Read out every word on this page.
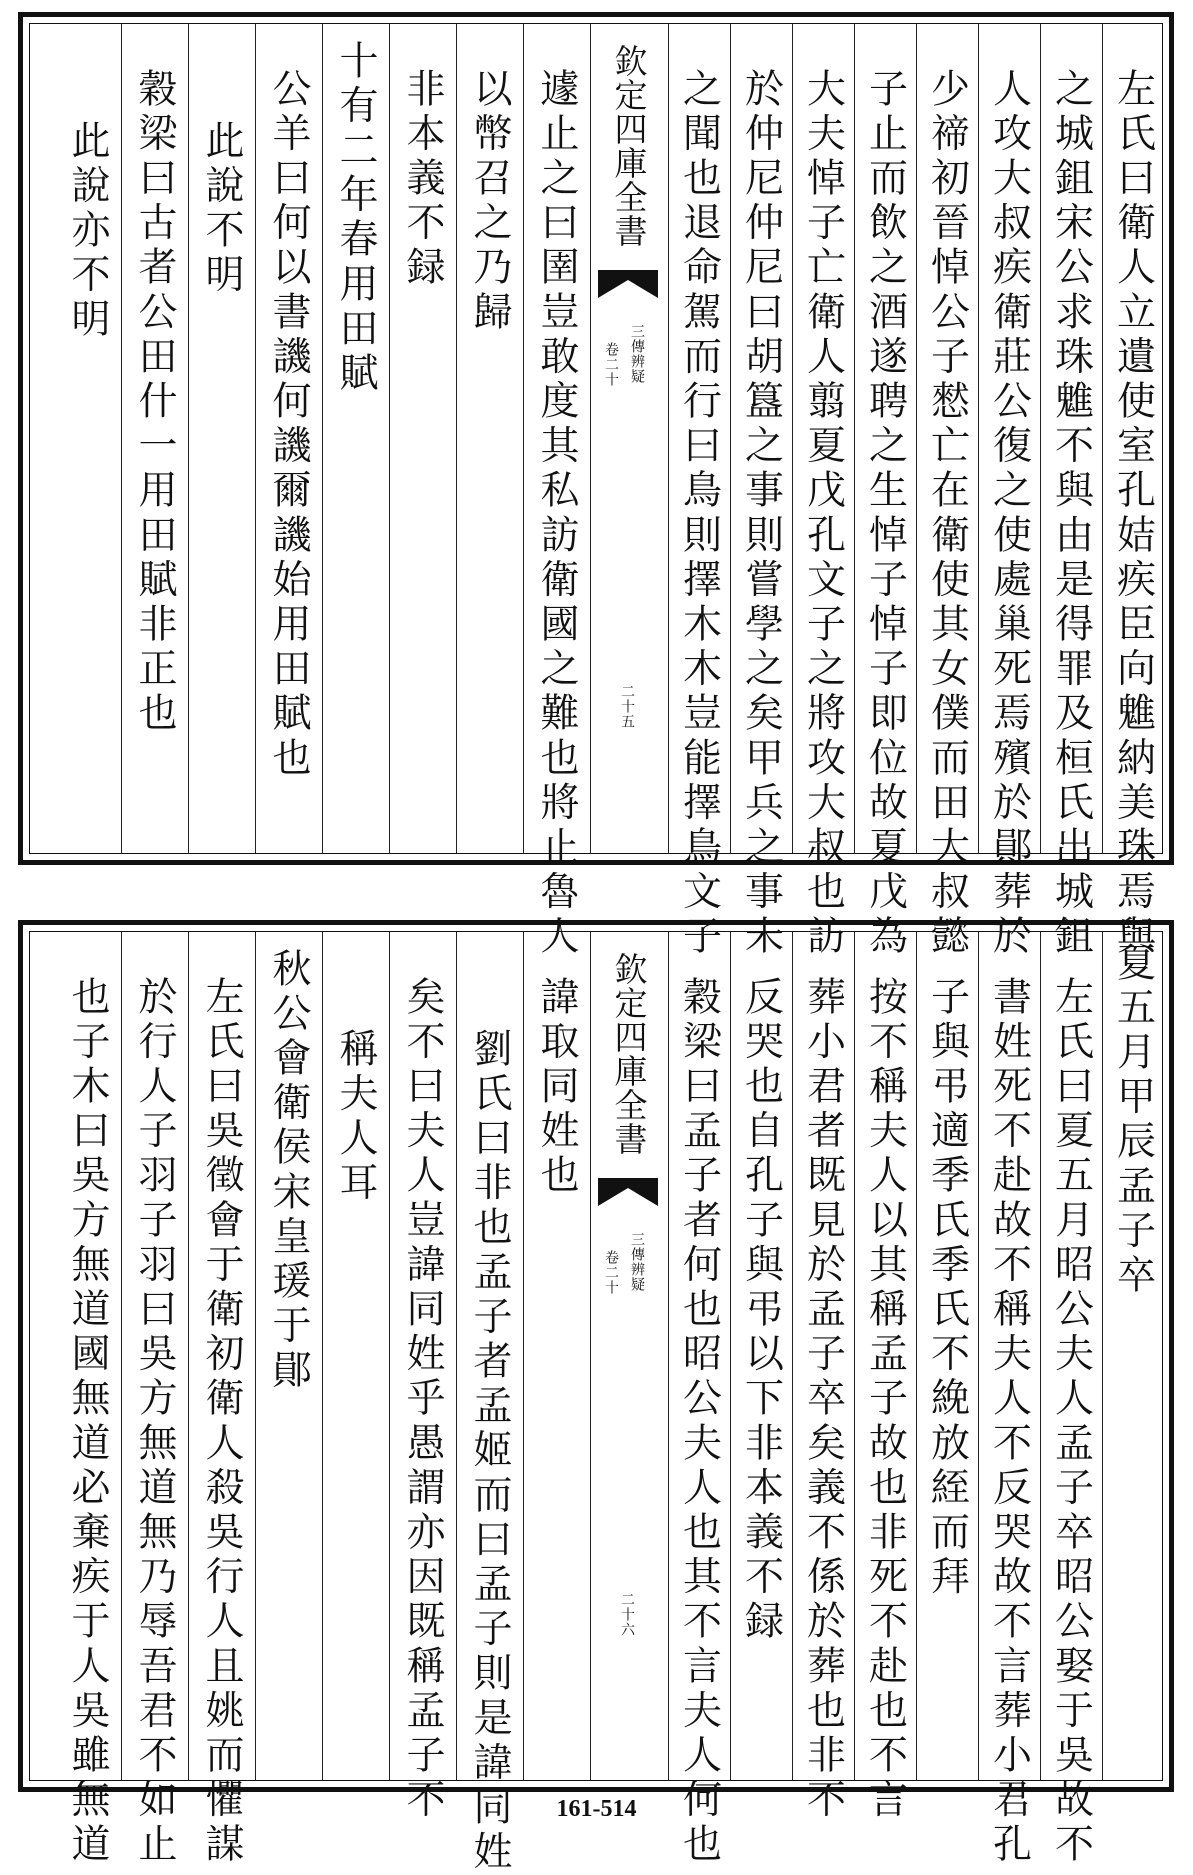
左氏曰衛人立遺使室孔姞疾臣向魋納美珠焉與
之城鉏宋公求珠魋不與由是得罪及桓氏出城鉏
人攻大叔疾衛莊公復之使處巢死焉殯於鄖葬於
少禘初晉悼公子憖亡在衛使其女僕而田大叔懿
子止而飲之酒遂聘之生悼子悼子即位故夏戊為
大夫悼子亡衛人翦夏戊孔文子之將攻大叔也訪
於仲尼仲尼曰胡簋之事則嘗學之矣甲兵之事未
之聞也退命駕而行曰鳥則擇木木豈能擇鳥文子
欽定四庫全書
三傳辨疑
卷二十
二十五
遽止之曰圉豈敢度其私訪衛國之難也將止魯人
以幣召之乃歸
非本義不録
十有二年春用田賦
公羊曰何以書譏何譏爾譏始用田賦也
此說不明
穀梁曰古者公田什一用田賦非正也
此說亦不明
夏五月甲辰孟子卒
左氏曰夏五月昭公夫人孟子卒昭公娶于吳故不
書姓死不赴故不稱夫人不反哭故不言葬小君孔
子與弔適季氏季氏不絻放絰而拜
按不稱夫人以其稱孟子故也非死不赴也不言
葬小君者既見於孟子卒矣義不係於葬也非不
反哭也自孔子與弔以下非本義不録
穀梁曰孟子者何也昭公夫人也其不言夫人何也
欽定四庫全書
三傳辨疑
卷二十
二十六
諱取同姓也
劉氏曰非也孟子者孟姬而曰孟子則是諱同姓
矣不曰夫人豈諱同姓乎愚謂亦因既稱孟子不
稱夫人耳
秋公會衛侯宋皇瑗于鄖
左氏曰吳徵會于衛初衛人殺吳行人且姚而懼謀
於行人子羽子羽曰吳方無道無乃辱吾君不如止
也子木曰吳方無道國無道必棄疾于人吳雖無道	161-514
